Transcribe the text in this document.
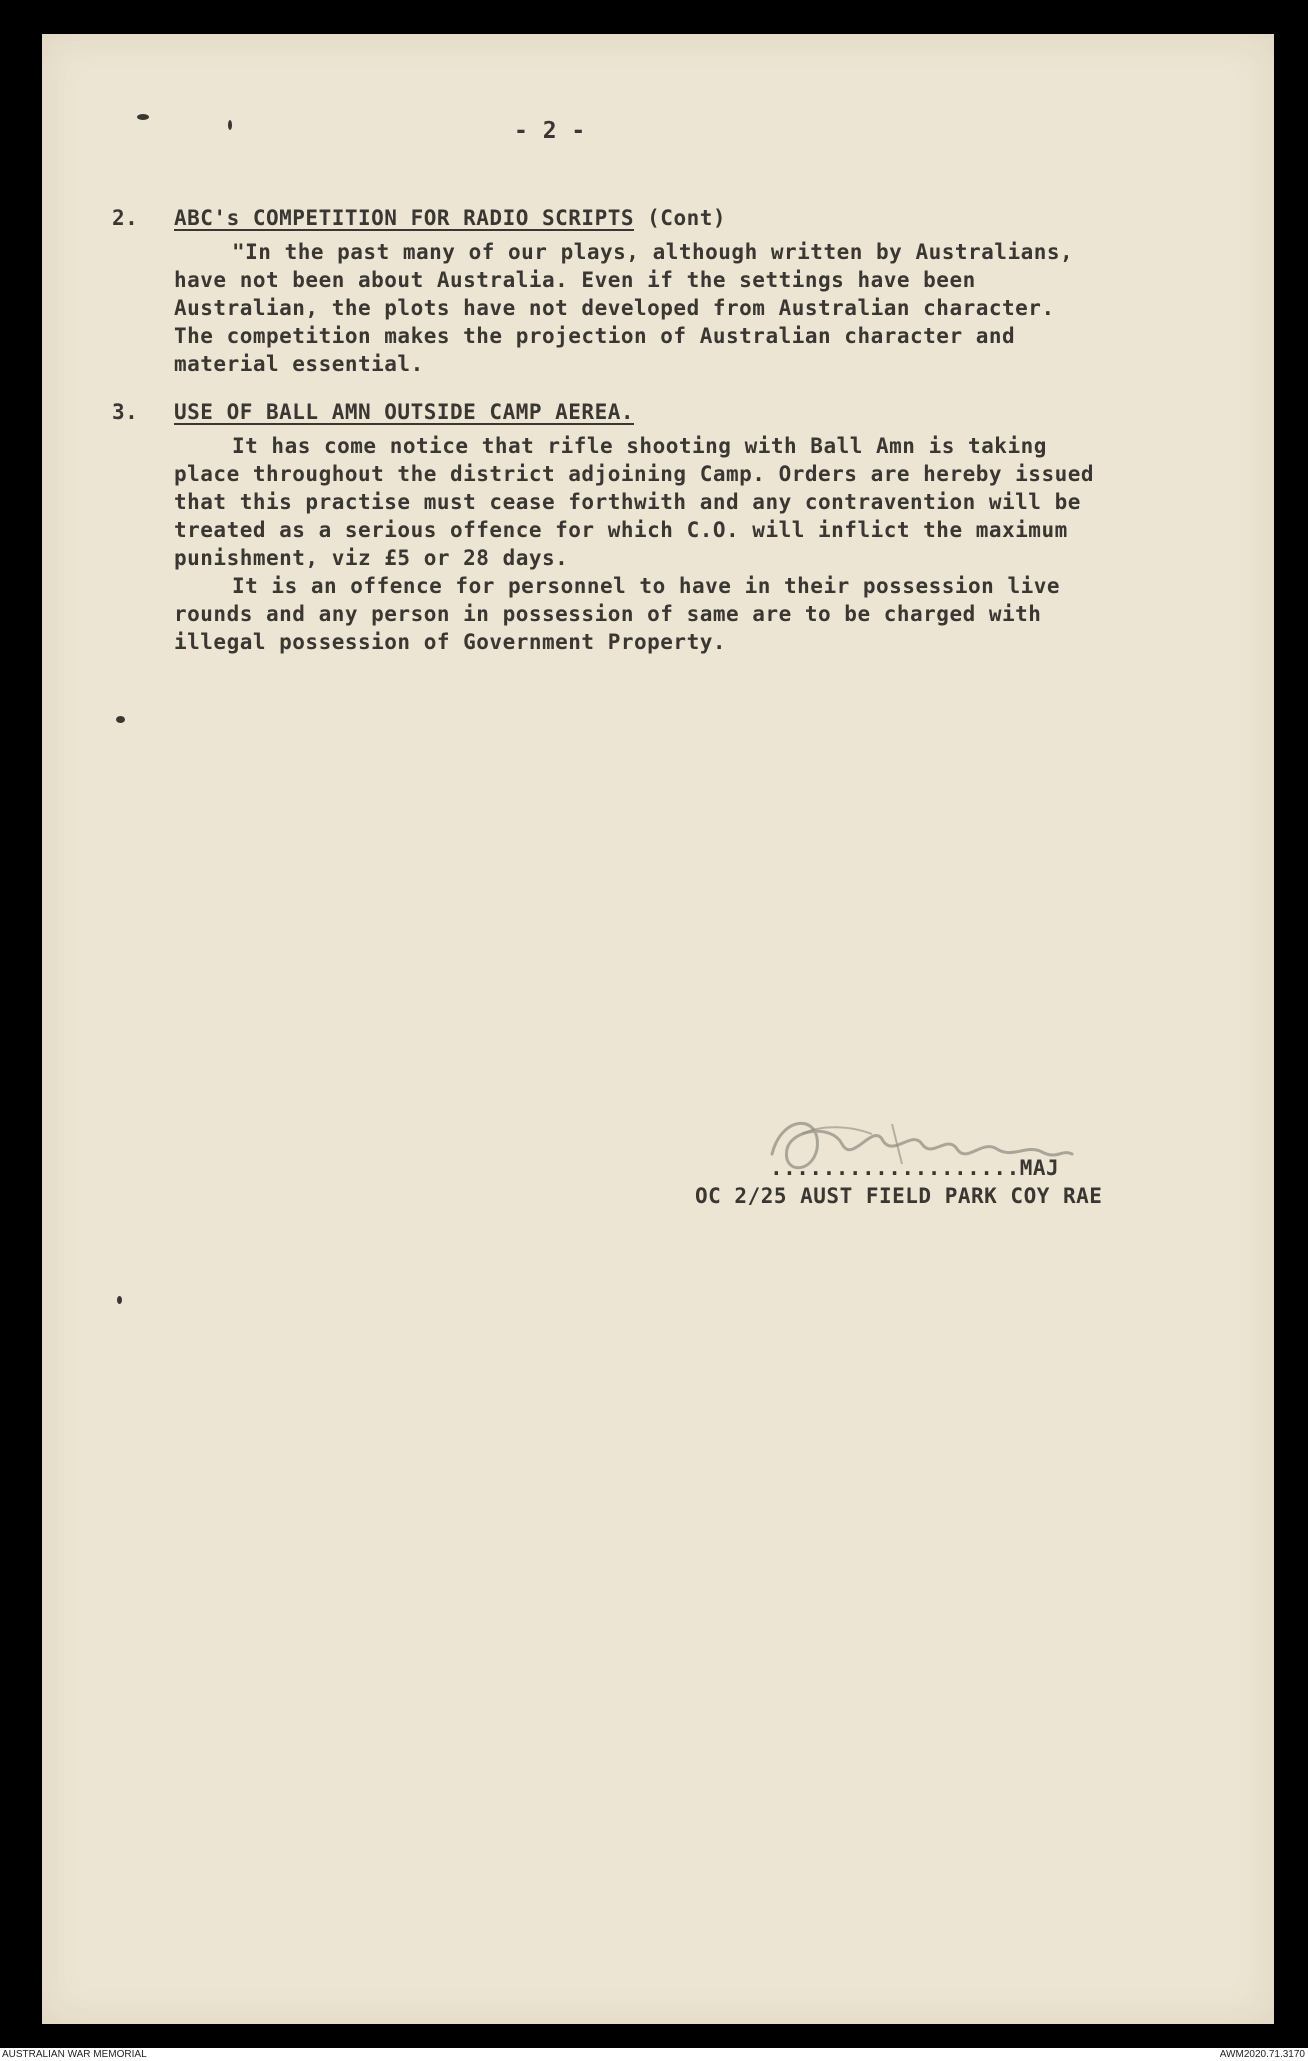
- 2 -
2. ABC's COMPETITION FOR RADIO SCRIPTS (Cont)
"In the past many of our plays, although written by Australians,
have not been about Australia. Even if the settings have been
Australian, the plots have not developed from Australian character.
The competition makes the projection of Australian character and
material essential.
3. USE OF BALL AMN OUTSIDE CAMP AEREA.
It has come notice that rifle shooting with Ball Amn is taking
place throughout the district adjoining Camp. Orders are hereby issued
that this practise must cease forthwith and any contravention will be
treated as a serious offence for which C.O. will inflict the maximum
punishment, viz £5 or 28 days.
It is an offence for personnel to have in their possession live
rounds and any person in possession of same are to be charged with
illegal possession of Government Property.
...................MAJ
OC 2/25 AUST FIELD PARK COY RAE
AUSTRALIAN WAR MEMORIAL	AWM2020.71.3170
